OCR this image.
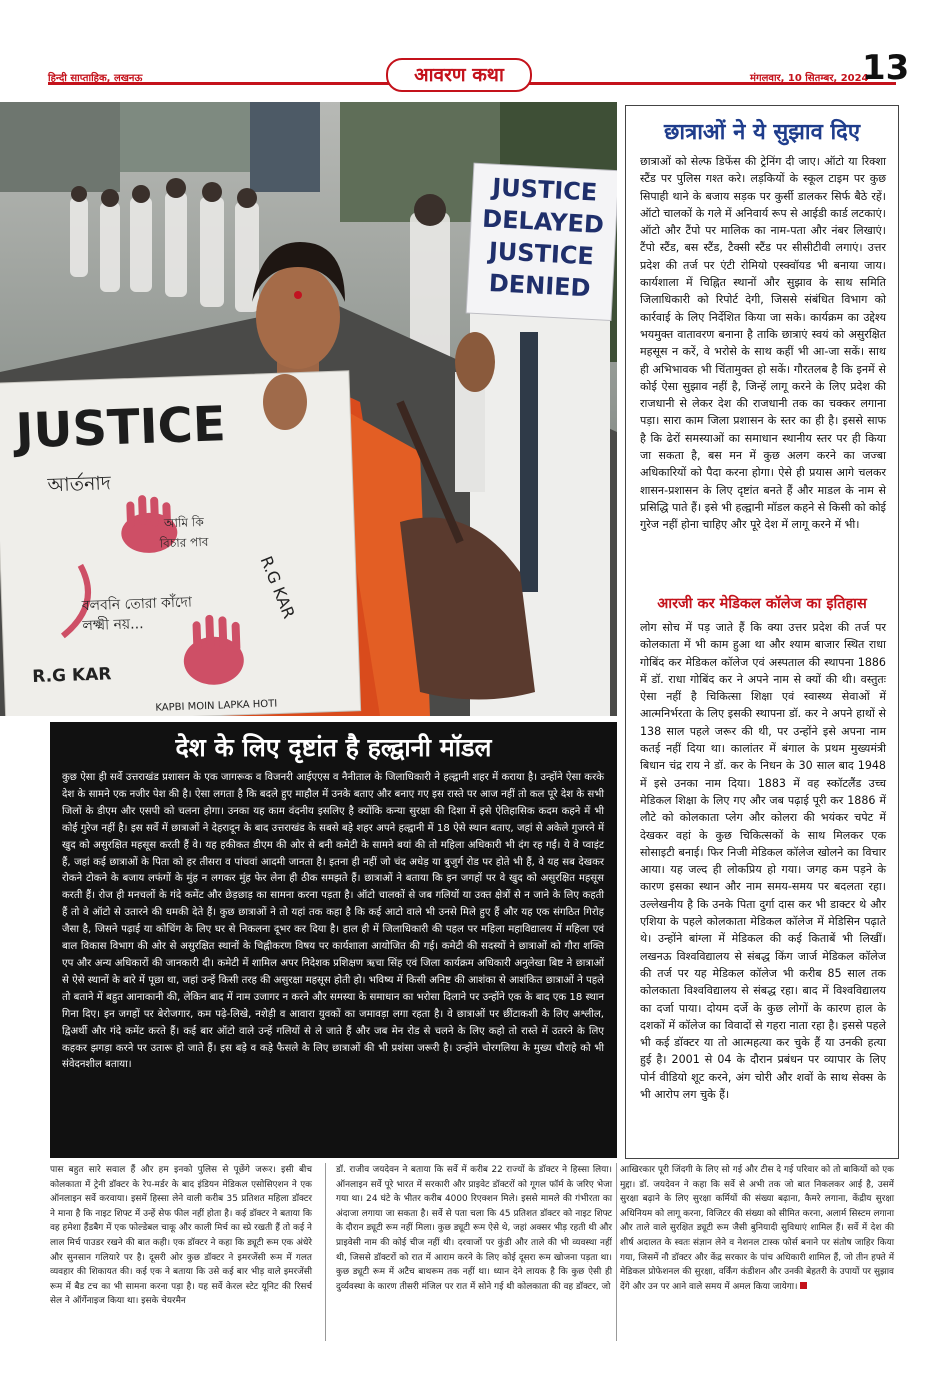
हिन्दी साप्ताहिक, लखनऊ	आवरण कथा	मंगलवार, 10 सितम्बर, 2024
13
JUSTICE
DELAYED
JUSTICE
DENIED
JUSTICE
আর্তনাদ
আমি কি
বিচার পাব
R.G KAR
বলবনি তোরা কাঁদো
লক্ষ্মী নয়...
R.G KAR
KAPBI MOIN LAPKA HOTI
छात्राओं ने ये सुझाव दिए
छात्राओं को सेल्फ डिफेंस की ट्रेनिंग दी जाए। ऑटो या रिक्शा स्टैंड पर पुलिस गश्त करे। लड़कियों के स्कूल टाइम पर कुछ सिपाही थाने के बजाय सड़क पर कुर्सी डालकर सिर्फ बैठे रहें। ऑटो चालकों के गले में अनिवार्य रूप से आईडी कार्ड लटकाएं। ऑटो और टैंपो पर मालिक का नाम-पता और नंबर लिखाएं। टैंपो स्टैंड, बस स्टैंड, टैक्सी स्टैंड पर सीसीटीवी लगाएं। उत्तर प्रदेश की तर्ज पर एंटी रोमियो एस्क्वॉयड भी बनाया जाय। कार्यशाला में चिह्नित स्थानों और सुझाव के साथ समिति जिलाधिकारी को रिपोर्ट देगी, जिससे संबंधित विभाग को कार्रवाई के लिए निर्देशित किया जा सके। कार्यक्रम का उद्देश्य भयमुक्त वातावरण बनाना है ताकि छात्राएं स्वयं को असुरक्षित महसूस न करें, वे भरोसे के साथ कहीं भी आ-जा सकें। साथ ही अभिभावक भी चिंतामुक्त हो सकें। गौरतलब है कि इनमें से कोई ऐसा सुझाव नहीं है, जिन्हें लागू करने के लिए प्रदेश की राजधानी से लेकर देश की राजधानी तक का चक्कर लगाना पड़ा। सारा काम जिला प्रशासन के स्तर का ही है। इससे साफ है कि ढेरों समस्याओं का समाधान स्थानीय स्तर पर ही किया जा सकता है, बस मन में कुछ अलग करने का जज्बा अधिकारियों को पैदा करना होगा। ऐसे ही प्रयास आगे चलकर शासन-प्रशासन के लिए दृष्टांत बनते हैं और माडल के नाम से प्रसिद्धि पाते हैं। इसे भी हल्द्वानी मॉडल कहने से किसी को कोई गुरेज नहीं होना चाहिए और पूरे देश में लागू करने में भी।
आरजी कर मेडिकल कॉलेज का इतिहास
लोग सोच में पड़ जाते हैं कि क्या उत्तर प्रदेश की तर्ज पर कोलकाता में भी काम हुआ था और श्याम बाजार स्थित राधा गोबिंद कर मेडिकल कॉलेज एवं अस्पताल की स्थापना 1886 में डॉ. राधा गोबिंद कर ने अपने नाम से क्यों की थी। वस्तुतः ऐसा नहीं है चिकित्सा शिक्षा एवं स्वास्थ्य सेवाओं में आत्मनिर्भरता के लिए इसकी स्थापना डॉ. कर ने अपने हाथों से 138 साल पहले जरूर की थी, पर उन्होंने इसे अपना नाम कतई नहीं दिया था। कालांतर में बंगाल के प्रथम मुख्यमंत्री बिधान चंद्र राय ने डॉ. कर के निधन के 30 साल बाद 1948 में इसे उनका नाम दिया। 1883 में वह स्कॉटलैंड उच्च मेडिकल शिक्षा के लिए गए और जब पढ़ाई पूरी कर 1886 में लौटे को कोलकाता प्लेग और कोलरा की भयंकर चपेट में देखकर वहां के कुछ चिकित्सकों के साथ मिलकर एक सोसाइटी बनाई। फिर निजी मेडिकल कॉलेज खोलने का विचार आया। यह जल्द ही लोकप्रिय हो गया। जगह कम पड़ने के कारण इसका स्थान और नाम समय-समय पर बदलता रहा। उल्लेखनीय है कि उनके पिता दुर्गा दास कर भी डाक्टर थे और एशिया के पहले कोलकाता मेडिकल कॉलेज में मेडिसिन पढ़ाते थे। उन्होंने बांग्ला में मेडिकल की कई किताबें भी लिखीं। लखनऊ विश्वविद्यालय से संबद्ध किंग जार्ज मेडिकल कॉलेज की तर्ज पर यह मेडिकल कॉलेज भी करीब 85 साल तक कोलकाता विश्वविद्यालय से संबद्ध रहा। बाद में विश्वविद्यालय का दर्जा पाया। दोयम दर्जे के कुछ लोगों के कारण हाल के दशकों में कॉलेज का विवादों से गहरा नाता रहा है। इससे पहले भी कई डॉक्टर या तो आत्महत्या कर चुके हैं या उनकी हत्या हुई है। 2001 से 04 के दौरान प्रबंधन पर व्यापार के लिए पोर्न वीडियो शूट करने, अंग चोरी और शवों के साथ सेक्स के भी आरोप लग चुके हैं।
देश के लिए दृष्टांत है हल्द्वानी मॉडल
कुछ ऐसा ही सर्वे उत्तराखंड प्रशासन के एक जागरूक व विजनरी आईएएस व नैनीताल के जिलाधिकारी ने हल्द्वानी शहर में कराया है। उन्होंने ऐसा करके देश के सामने एक नजीर पेश की है। ऐसा लगता है कि बदले हुए माहौल में उनके बताए और बनाए गए इस रास्ते पर आज नहीं तो कल पूरे देश के सभी जिलों के डीएम और एसपी को चलना होगा। उनका यह काम वंदनीय इसलिए है क्योंकि कन्या सुरक्षा की दिशा में इसे ऐतिहासिक कदम कहने में भी कोई गुरेज नहीं है। इस सर्वे में छात्राओं ने देहरादून के बाद उत्तराखंड के सबसे बड़े शहर अपने हल्द्वानी में 18 ऐसे स्थान बताए, जहां से अकेले गुजरने में खुद को असुरक्षित महसूस करती हैं वे। यह हकीकत डीएम की ओर से बनी कमेटी के सामने बयां की तो महिला अधिकारी भी दंग रह गईं। ये वे प्वाइंट हैं, जहां कई छात्राओं के पिता को हर तीसरा व पांचवां आदमी जानता है। इतना ही नहीं जो चंद अधेड़ या बुजुर्ग रोड पर होते भी हैं, वे यह सब देखकर रोकने टोकने के बजाय लफंगों के मुंह न लगकर मुंह फेर लेना ही ठीक समझते हैं। छात्राओं ने बताया कि इन जगहों पर वे खुद को असुरक्षित महसूस करती हैं। रोज ही मनचलों के गंदे कमेंट और छेड़छाड़ का सामना करना पड़ता है। ऑटो चालकों से जब गलियों या उक्त क्षेत्रों से न जाने के लिए कहती हैं तो वे ऑटो से उतारने की धमकी देते हैं। कुछ छात्राओं ने तो यहां तक कहा है कि कई आटो वाले भी उनसे मिले हुए हैं और यह एक संगठित गिरोह जैसा है, जिसने पढ़ाई या कोचिंग के लिए घर से निकलना दूभर कर दिया है। हाल ही में जिलाधिकारी की पहल पर महिला महाविद्यालय में महिला एवं बाल विकास विभाग की ओर से असुरक्षित स्थानों के चिह्नीकरण विषय पर कार्यशाला आयोजित की गई। कमेटी की सदस्यों ने छात्राओं को गौरा शक्ति एप और अन्य अधिकारों की जानकारी दी। कमेटी में शामिल अपर निदेशक प्रशिक्षण ऋचा सिंह एवं जिला कार्यक्रम अधिकारी अनुलेखा बिष्ट ने छात्राओं से ऐसे स्थानों के बारे में पूछा था, जहां उन्हें किसी तरह की असुरक्षा महसूस होती हो। भविष्य में किसी अनिष्ट की आशंका से आशंकित छात्राओं ने पहले तो बताने में बहुत आनाकानी की, लेकिन बाद में नाम उजागर न करने और समस्या के समाधान का भरोसा दिलाने पर उन्होंने एक के बाद एक 18 स्थान गिना दिए। इन जगहों पर बेरोजगार, कम पढ़े-लिखे, नशेड़ी व आवारा युवकों का जमावड़ा लगा रहता है। वे छात्राओं पर छींटाकशी के लिए अश्लील, द्विअर्थी और गंदे कमेंट करते हैं। कई बार ऑटो वाले उन्हें गलियों से ले जाते हैं और जब मेन रोड से चलने के लिए कहो तो रास्ते में उतरने के लिए कहकर झगड़ा करने पर उतारू हो जाते हैं। इस बड़े व कड़े फैसले के लिए छात्राओं की भी प्रशंसा जरूरी है। उन्होंने चोरगलिया के मुख्य चौराहे को भी संवेदनशील बताया।
पास बहुत सारे सवाल हैं और हम इनको पुलिस से पूछेंगे जरूर। इसी बीच कोलकाता में ट्रेनी डॉक्टर के रेप-मर्डर के बाद इंडियन मेडिकल एसोसिएशन ने एक ऑनलाइन सर्वे करवाया। इसमें हिस्सा लेने वाली करीब 35 प्रतिशत महिला डॉक्टर ने माना है कि नाइट शिफ्ट में उन्हें सेफ फील नहीं होता है। कई डॉक्टर ने बताया कि वह हमेशा हैंडबैग में एक फोल्डेबल चाकू और काली मिर्च का स्प्रे रखती हैं तो कई ने लाल मिर्च पाउडर रखने की बात कही। एक डॉक्टर ने कहा कि ड्यूटी रूम एक अंधेरे और सुनसान गलियारे पर है। दूसरी ओर कुछ डॉक्टर ने इमरजेंसी रूम में गलत व्यवहार की शिकायत की। कई एक ने बताया कि उसे कई बार भीड़ वाले इमरजेंसी रूम में बैड टच का भी सामना करना पड़ा है। यह सर्वे केरल स्टेट यूनिट की रिसर्च सेल ने ऑर्गेनाइज किया था। इसके चेयरमैन
डॉ. राजीव जयदेवन ने बताया कि सर्वे में करीब 22 राज्यों के डॉक्टर ने हिस्सा लिया। ऑनलाइन सर्वे पूरे भारत में सरकारी और प्राइवेट डॉक्टरों को गूगल फॉर्म के जरिए भेजा गया था। 24 घंटे के भीतर करीब 4000 रिएक्शन मिले। इससे मामले की गंभीरता का अंदाजा लगाया जा सकता है। सर्वे से पता चला कि 45 प्रतिशत डॉक्टर को नाइट शिफ्ट के दौरान ड्यूटी रूम नहीं मिला। कुछ ड्यूटी रूम ऐसे थे, जहां अक्सर भीड़ रहती थी और प्राइवेसी नाम की कोई चीज नहीं थी। दरवाजों पर कुंडी और ताले की भी व्यवस्था नहीं थी, जिससे डॉक्टरों को रात में आराम करने के लिए कोई दूसरा रूम खोजना पड़ता था। कुछ ड्यूटी रूम में अटैच बाथरूम तक नहीं था। ध्यान देने लायक है कि कुछ ऐसी ही दुर्व्यवस्था के कारण तीसरी मंजिल पर रात में सोने गई थी कोलकाता की वह डॉक्टर, जो
आखिरकार पूरी जिंदगी के लिए सो गई और टीस दे गई परिवार को तो बाकियों को एक मुद्दा। डॉ. जयदेवन ने कहा कि सर्वे से अभी तक जो बात निकलकर आई है, उसमें सुरक्षा बढ़ाने के लिए सुरक्षा कर्मियों की संख्या बढ़ाना, कैमरे लगाना, केंद्रीय सुरक्षा अधिनियम को लागू करना, विजिटर की संख्या को सीमित करना, अलार्म सिस्टम लगाना और ताले वाले सुरक्षित ड्यूटी रूम जैसी बुनियादी सुविधाएं शामिल हैं। सर्वे में देश की शीर्ष अदालत के स्वतः संज्ञान लेने व नेशनल टास्क फोर्स बनाने पर संतोष जाहिर किया गया, जिसमें नौ डॉक्टर और केंद्र सरकार के पांच अधिकारी शामिल हैं, जो तीन हफ्ते में मेडिकल प्रोफेशनल की सुरक्षा, वर्किंग कंडीशन और उनकी बेहतरी के उपायों पर सुझाव देंगे और उन पर आने वाले समय में अमल किया जायेगा।
